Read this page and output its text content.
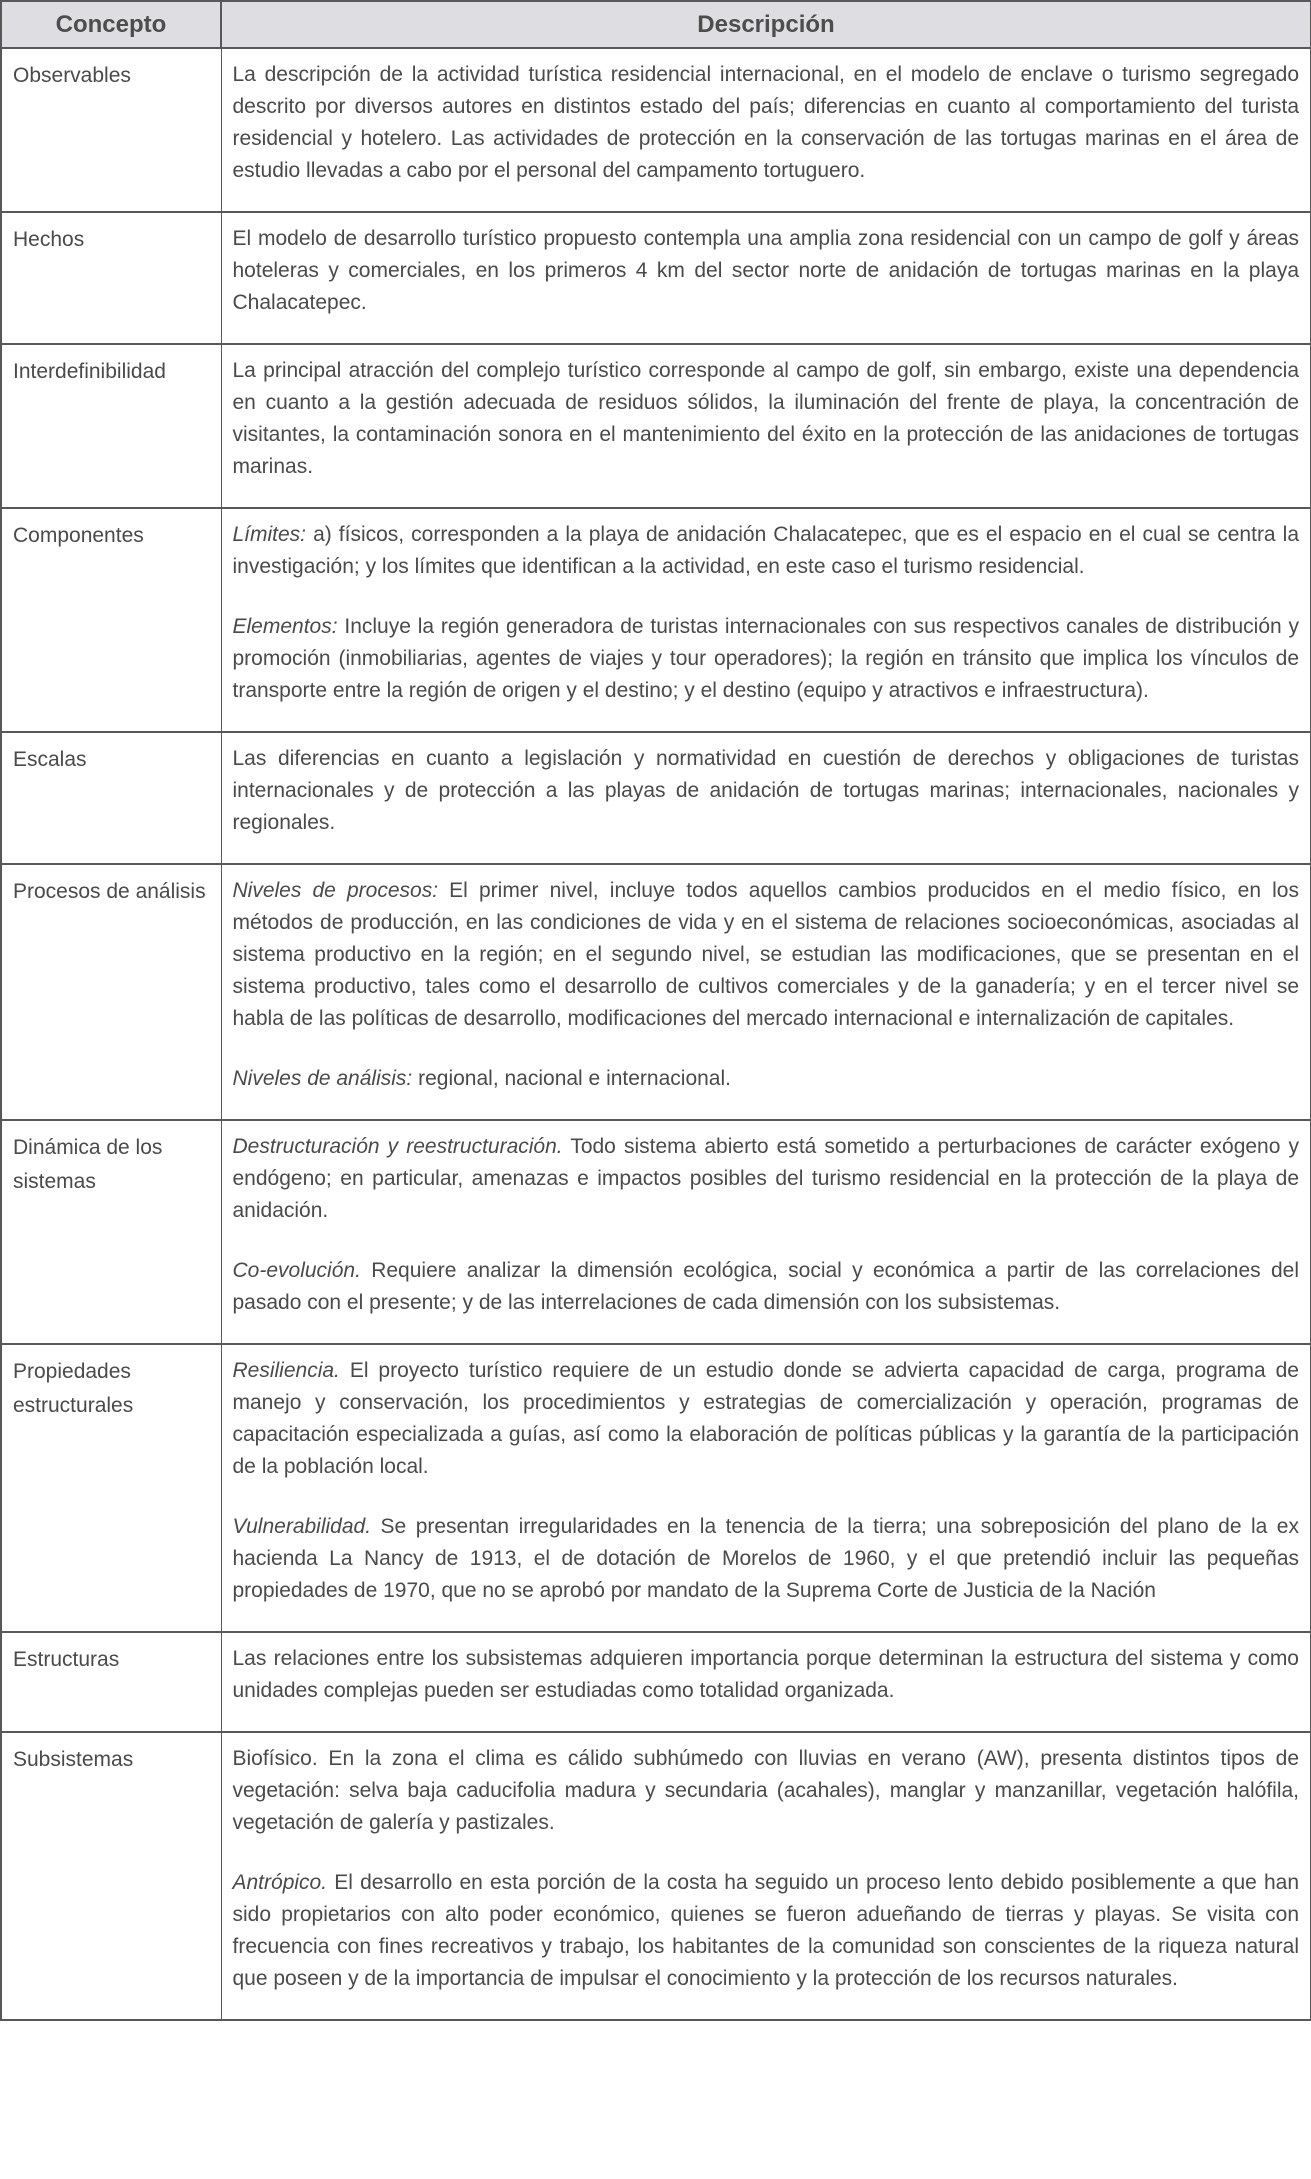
Concepto	Descripción
Observables	La descripción de la actividad turística residencial internacional, en el modelo de enclave o turismo segregado descrito por diversos autores en distintos estado del país; diferencias en cuanto al comportamiento del turista residencial y hotelero. Las actividades de protección en la conservación de las tortugas marinas en el área de estudio llevadas a cabo por el personal del campamento tortuguero.

Hechos	El modelo de desarrollo turístico propuesto contempla una amplia zona residencial con un campo de golf y áreas hoteleras y comerciales, en los primeros 4 km del sector norte de anidación de tortugas marinas en la playa Chalacatepec.

Interdefinibilidad	La principal atracción del complejo turístico corresponde al campo de golf, sin embargo, existe una dependencia en cuanto a la gestión adecuada de residuos sólidos, la iluminación del frente de playa, la concentración de visitantes, la contaminación sonora en el mantenimiento del éxito en la protección de las anidaciones de tortugas marinas.

Componentes	Límites: a) físicos, corresponden a la playa de anidación Chalacatepec, que es el espacio en el cual se centra la investigación; y los límites que identifican a la actividad, en este caso el turismo residencial.

Elementos: Incluye la región generadora de turistas internacionales con sus respectivos canales de distribución y promoción (inmobiliarias, agentes de viajes y tour operadores); la región en tránsito que implica los vínculos de transporte entre la región de origen y el destino; y el destino (equipo y atractivos e infraestructura).

Escalas	Las diferencias en cuanto a legislación y normatividad en cuestión de derechos y obligaciones de turistas internacionales y de protección a las playas de anidación de tortugas marinas; internacionales, nacionales y regionales.

Procesos de análisis	Niveles de procesos: El primer nivel, incluye todos aquellos cambios producidos en el medio físico, en los métodos de producción, en las condiciones de vida y en el sistema de relaciones socioeconómicas, asociadas al sistema productivo en la región; en el segundo nivel, se estudian las modificaciones, que se presentan en el sistema productivo, tales como el desarrollo de cultivos comerciales y de la ganadería; y en el tercer nivel se habla de las políticas de desarrollo, modificaciones del mercado internacional e internalización de capitales.

Niveles de análisis: regional, nacional e internacional.

Dinámica de los sistemas	Destructuración y reestructuración. Todo sistema abierto está sometido a perturbaciones de carácter exógeno y endógeno; en particular, amenazas e impactos posibles del turismo residencial en la protección de la playa de anidación.

Co-evolución. Requiere analizar la dimensión ecológica, social y económica a partir de las correlaciones del pasado con el presente; y de las interrelaciones de cada dimensión con los subsistemas.

Propiedades estructurales	Resiliencia. El proyecto turístico requiere de un estudio donde se advierta capacidad de carga, programa de manejo y conservación, los procedimientos y estrategias de comercialización y operación, programas de capacitación especializada a guías, así como la elaboración de políticas públicas y la garantía de la participación de la población local.

Vulnerabilidad. Se presentan irregularidades en la tenencia de la tierra; una sobreposición del plano de la ex hacienda La Nancy de 1913, el de dotación de Morelos de 1960, y el que pretendió incluir las pequeñas propiedades de 1970, que no se aprobó por mandato de la Suprema Corte de Justicia de la Nación

Estructuras	Las relaciones entre los subsistemas adquieren importancia porque determinan la estructura del sistema y como unidades complejas pueden ser estudiadas como totalidad organizada.

Subsistemas	Biofísico. En la zona el clima es cálido subhúmedo con lluvias en verano (AW), presenta distintos tipos de vegetación: selva baja caducifolia madura y secundaria (acahales), manglar y manzanillar, vegetación halófila, vegetación de galería y pastizales.

Antrópico. El desarrollo en esta porción de la costa ha seguido un proceso lento debido posiblemente a que han sido propietarios con alto poder económico, quienes se fueron adueñando de tierras y playas. Se visita con frecuencia con fines recreativos y trabajo, los habitantes de la comunidad son conscientes de la riqueza natural que poseen y de la importancia de impulsar el conocimiento y la protección de los recursos naturales.
